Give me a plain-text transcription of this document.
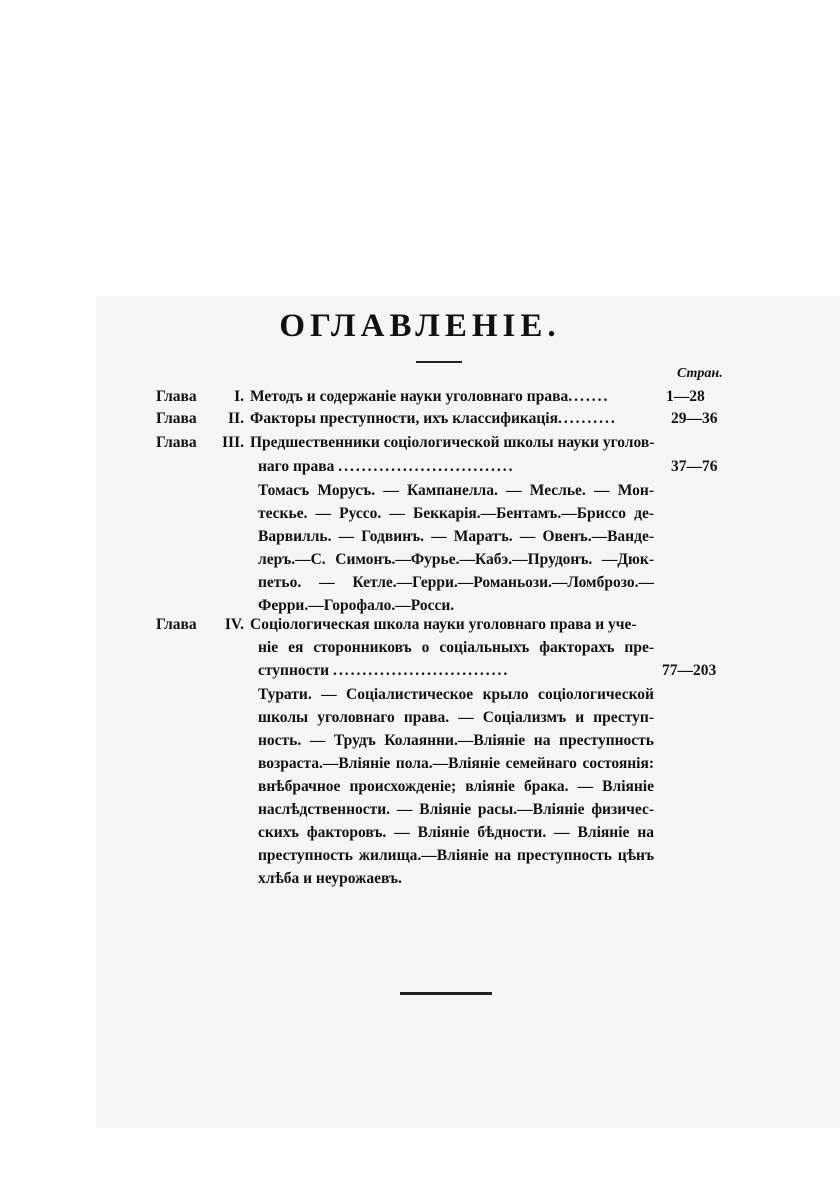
ОГЛАВЛЕНІЕ.
Стран.
Глава I. Методъ и содержаніе науки уголовнаго права.......	1—28
Глава II. Факторы преступности, ихъ классификація..........	29—36
Глава III. Предшественники соціологической школы науки уголов-
наго права ..............................	37—76
Томасъ Морусъ. — Кампанелла. — Меслье. — Мон-
тескье. — Руссо. — Беккарія.—Бентамъ.—Бриссо де-
Варвилль. — Годвинъ. — Маратъ. — Овенъ.—Ванде-
леръ.—С. Симонъ.—Фурье.—Кабэ.—Прудонъ. —Дюк-
петьо. — Кетле.—Герри.—Романьози.—Ломброзо.—
Ферри.—Горофало.—Росси.
Глава IV. Соціологическая школа науки уголовнаго права и уче-
ніе ея сторонниковъ о соціальныхъ факторахъ пре-
ступности ..............................	77—203
Турати. — Соціалистическое крыло соціологической
школы уголовнаго права. — Соціализмъ и преступ-
ность. — Трудъ Колаянни.—Вліяніе на преступность
возраста.—Вліяніе пола.—Вліяніе семейнаго состоянія:
внѣбрачное происхожденіе; вліяніе брака. — Вліяніе
наслѣдственности. — Вліяніе расы.—Вліяніе физичес-
скихъ факторовъ. — Вліяніе бѣдности. — Вліяніе на
преступность жилища.—Вліяніе на преступность цѣнъ
хлѣба и неурожаевъ.
